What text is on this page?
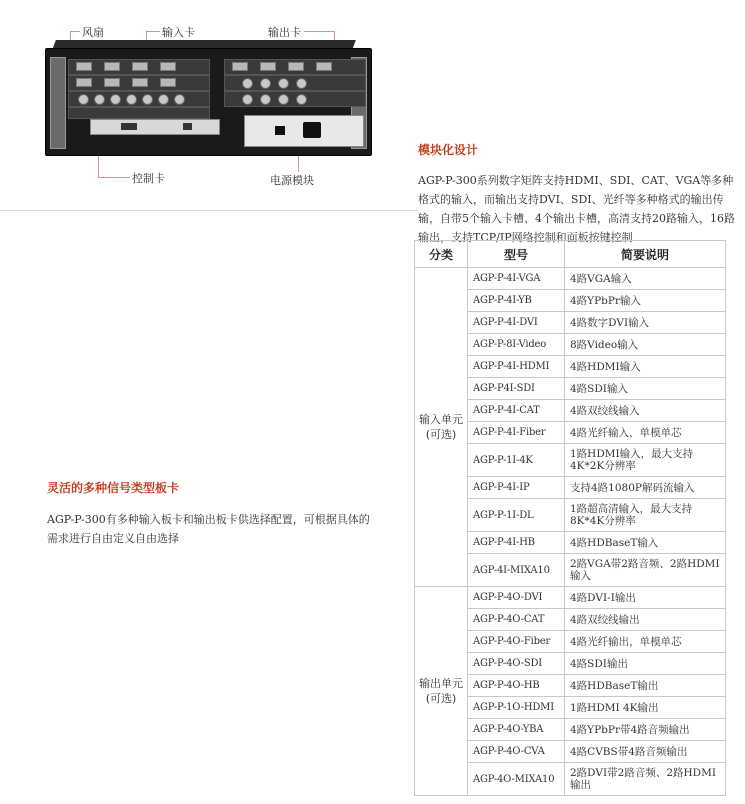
风扇	输入卡	输出卡
控制卡	电源模块
模块化设计
AGP-P-300系列数字矩阵支持HDMI、SDI、CAT、VGA等多种格式的输入，而输出支持DVI、SDI、光纤等多种格式的输出传输，自带5个输入卡槽、4个输出卡槽，高清支持20路输入，16路输出，支持TCP/IP网络控制和面板按键控制
灵活的多种信号类型板卡
AGP-P-300有多种输入板卡和输出板卡供选择配置，可根据具体的需求进行自由定义自由选择
分类	型号	简要说明
输入单元
(可选)	AGP-P-4I-VGA	4路VGA输入
	AGP-P-4I-YB	4路YPbPr输入
	AGP-P-4I-DVI	4路数字DVI输入
	AGP-P-8I-Video	8路Video输入
	AGP-P-4I-HDMI	4路HDMI输入
	AGP-P4I-SDI	4路SDI输入
	AGP-P-4I-CAT	4路双绞线输入
	AGP-P-4I-Fiber	4路光纤输入，单模单芯
	AGP-P-1I-4K	1路HDMI输入，最大支持4K*2K分辨率
	AGP-P-4I-IP	支持4路1080P解码流输入
	AGP-P-1I-DL	1路超高清输入，最大支持8K*4K分辨率
	AGP-P-4I-HB	4路HDBaseT输入
	AGP-4I-MIXA10	2路VGA带2路音频、2路HDMI输入
输出单元
(可选)	AGP-P-4O-DVI	4路DVI-I输出
	AGP-P-4O-CAT	4路双绞线输出
	AGP-P-4O-Fiber	4路光纤输出，单模单芯
	AGP-P-4O-SDI	4路SDI输出
	AGP-P-4O-HB	4路HDBaseT输出
	AGP-P-1O-HDMI	1路HDMI 4K输出
	AGP-P-4O-YBA	4路YPbPr带4路音频输出
	AGP-P-4O-CVA	4路CVBS带4路音频输出
	AGP-4O-MIXA10	2路DVI带2路音频、2路HDMI输出
